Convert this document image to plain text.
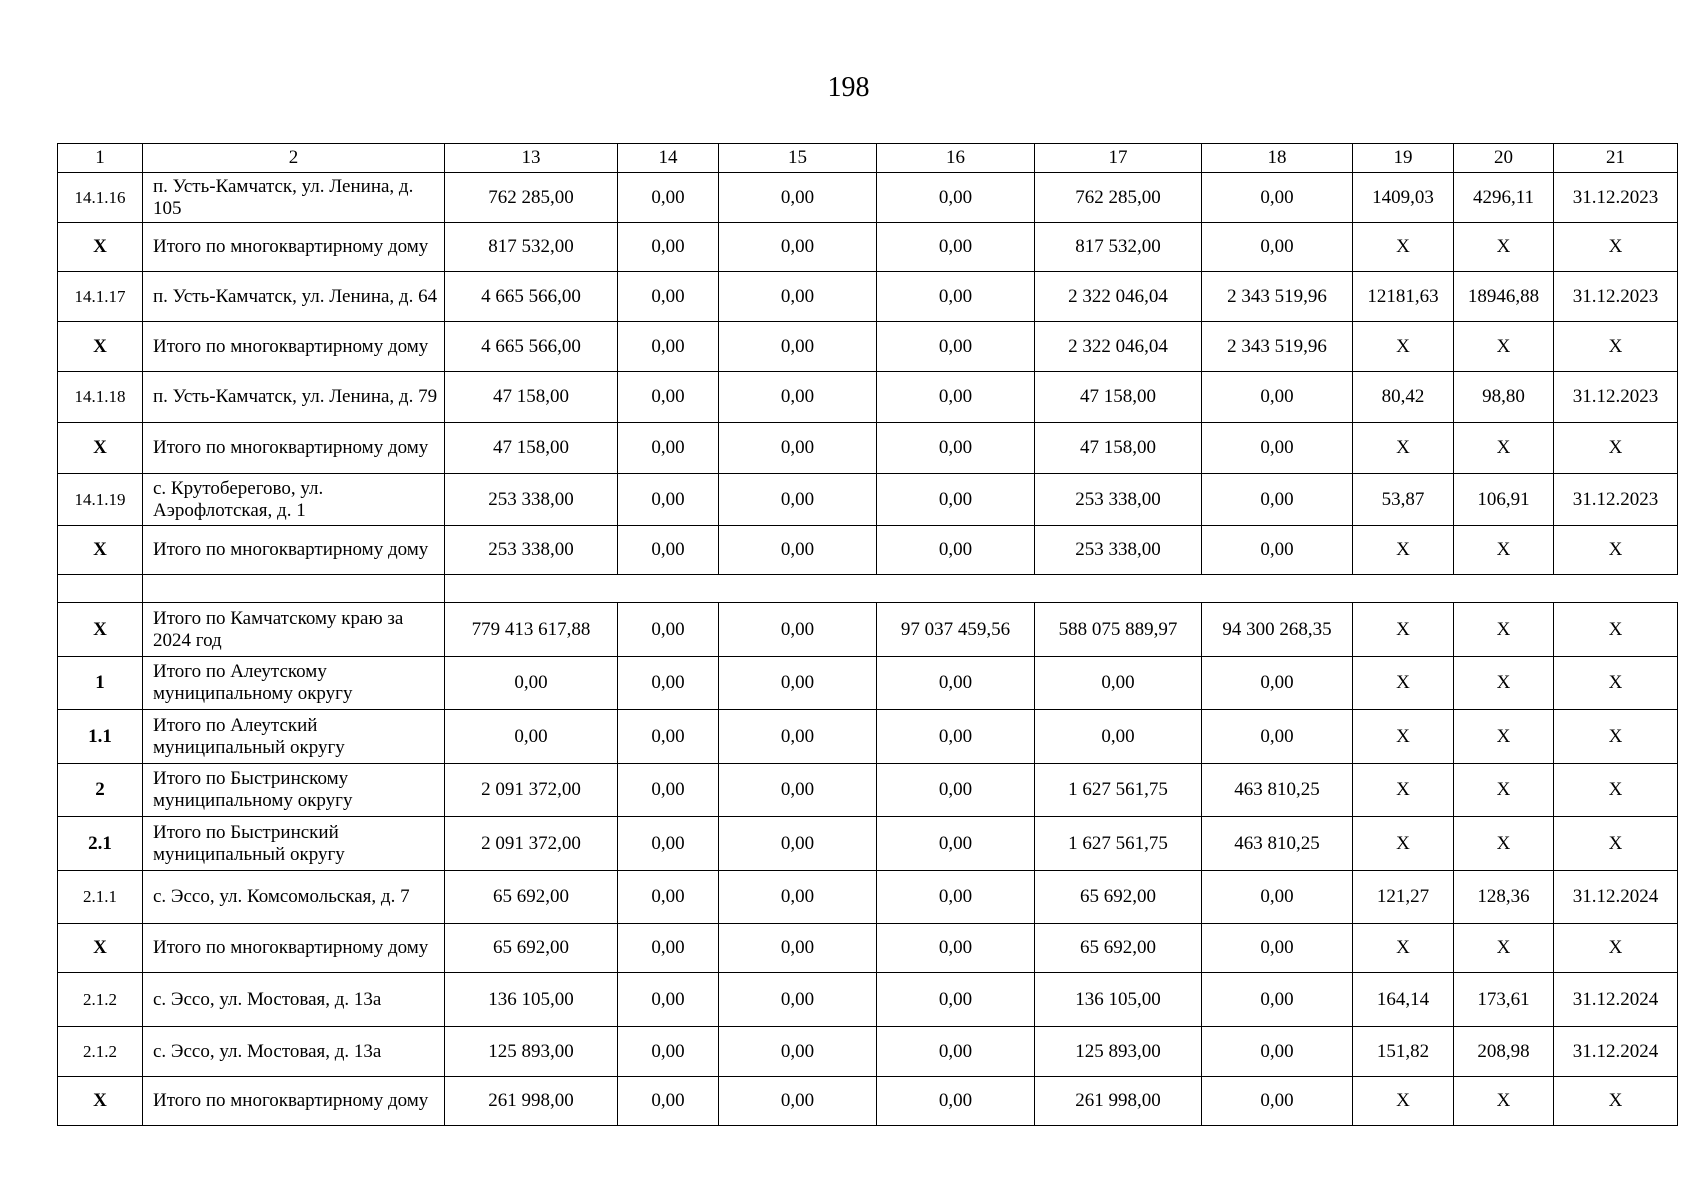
198
1	2	13	14	15	16	17	18	19	20	21
14.1.16	п. Усть-Камчатск, ул. Ленина, д. 105	762 285,00	0,00	0,00	0,00	762 285,00	0,00	1409,03	4296,11	31.12.2023
X	Итого по многоквартирному дому	817 532,00	0,00	0,00	0,00	817 532,00	0,00	X	X	X
14.1.17	п. Усть-Камчатск, ул. Ленина, д. 64	4 665 566,00	0,00	0,00	0,00	2 322 046,04	2 343 519,96	12181,63	18946,88	31.12.2023
X	Итого по многоквартирному дому	4 665 566,00	0,00	0,00	0,00	2 322 046,04	2 343 519,96	X	X	X
14.1.18	п. Усть-Камчатск, ул. Ленина, д. 79	47 158,00	0,00	0,00	0,00	47 158,00	0,00	80,42	98,80	31.12.2023
X	Итого по многоквартирному дому	47 158,00	0,00	0,00	0,00	47 158,00	0,00	X	X	X
14.1.19	с. Крутоберегово, ул. Аэрофлотская, д. 1	253 338,00	0,00	0,00	0,00	253 338,00	0,00	53,87	106,91	31.12.2023
X	Итого по многоквартирному дому	253 338,00	0,00	0,00	0,00	253 338,00	0,00	X	X	X

X	Итого по Камчатскому краю за 2024 год	779 413 617,88	0,00	0,00	97 037 459,56	588 075 889,97	94 300 268,35	X	X	X
1	Итого по Алеутскому муниципальному округу	0,00	0,00	0,00	0,00	0,00	0,00	X	X	X
1.1	Итого по Алеутский муниципальный округу	0,00	0,00	0,00	0,00	0,00	0,00	X	X	X
2	Итого по Быстринскому муниципальному округу	2 091 372,00	0,00	0,00	0,00	1 627 561,75	463 810,25	X	X	X
2.1	Итого по Быстринский муниципальный округу	2 091 372,00	0,00	0,00	0,00	1 627 561,75	463 810,25	X	X	X
2.1.1	с. Эссо, ул. Комсомольская, д. 7	65 692,00	0,00	0,00	0,00	65 692,00	0,00	121,27	128,36	31.12.2024
X	Итого по многоквартирному дому	65 692,00	0,00	0,00	0,00	65 692,00	0,00	X	X	X
2.1.2	с. Эссо, ул. Мостовая, д. 13а	136 105,00	0,00	0,00	0,00	136 105,00	0,00	164,14	173,61	31.12.2024
2.1.2	с. Эссо, ул. Мостовая, д. 13а	125 893,00	0,00	0,00	0,00	125 893,00	0,00	151,82	208,98	31.12.2024
X	Итого по многоквартирному дому	261 998,00	0,00	0,00	0,00	261 998,00	0,00	X	X	X
